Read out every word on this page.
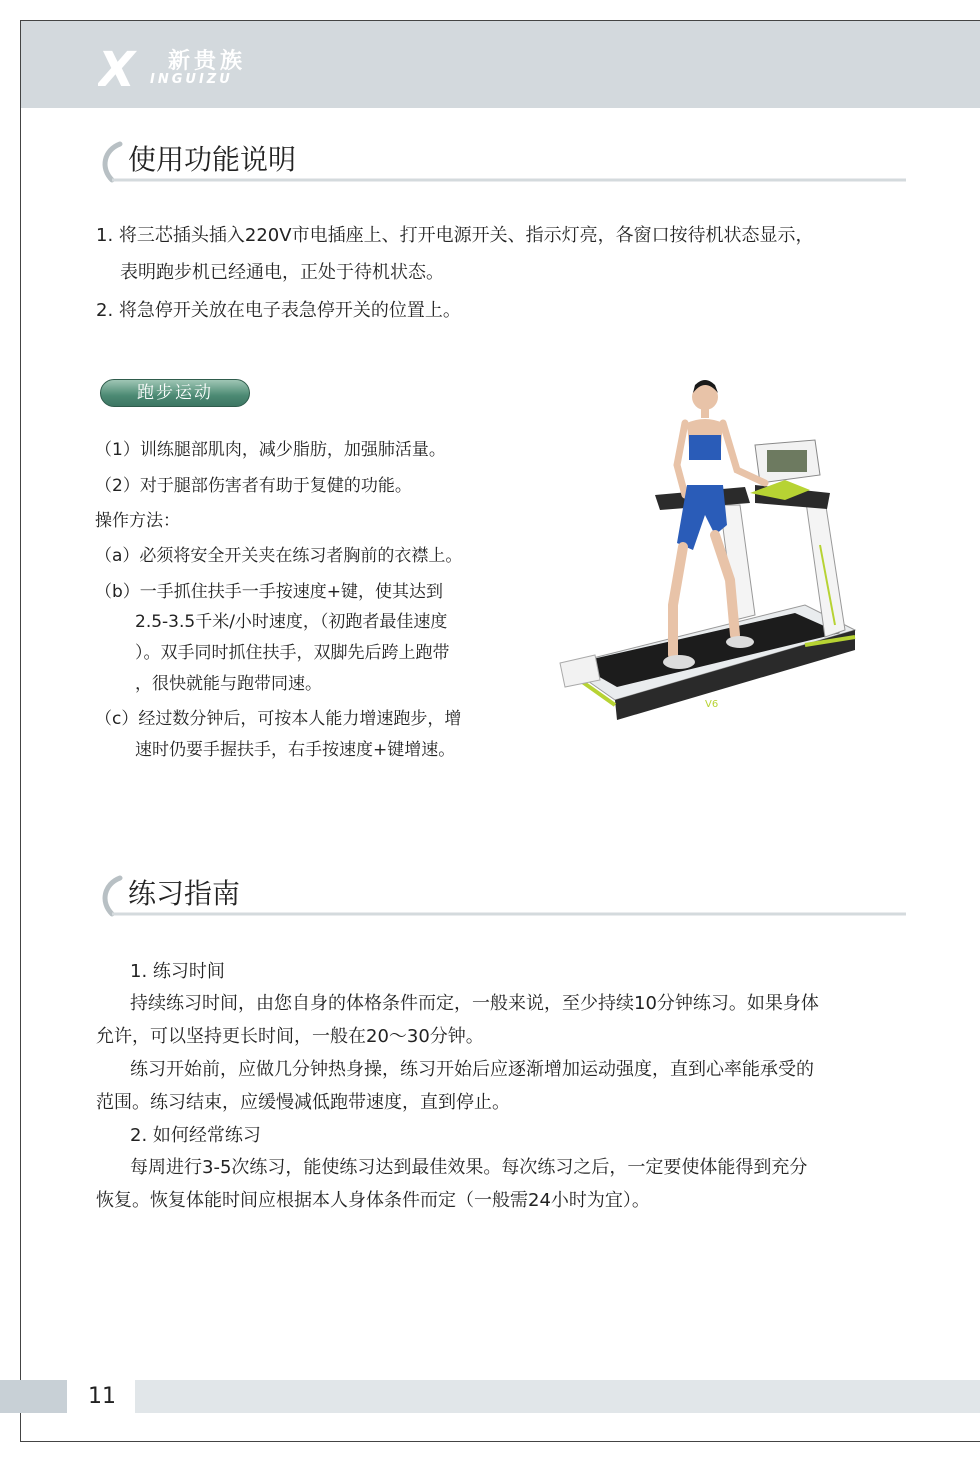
X 新贵族
INGUIZU
使用功能说明
1. 将三芯插头插入220V市电插座上、打开电源开关、指示灯亮，各窗口按待机状态显示，
表明跑步机已经通电，正处于待机状态。
2. 将急停开关放在电子表急停开关的位置上。
跑步运动
（1）训练腿部肌肉，减少脂肪，加强肺活量。
（2）对于腿部伤害者有助于复健的功能。
操作方法：
（a）必须将安全开关夹在练习者胸前的衣襟上。
（b）一手抓住扶手一手按速度+键，使其达到
2.5-3.5千米/小时速度，（初跑者最佳速度
）。双手同时抓住扶手，双脚先后跨上跑带
，很快就能与跑带同速。
（c）经过数分钟后，可按本人能力增速跑步，增
速时仍要手握扶手，右手按速度+键增速。
V6
练习指南
1. 练习时间
持续练习时间，由您自身的体格条件而定，一般来说，至少持续10分钟练习。如果身体
允许，可以坚持更长时间，一般在20～30分钟。
练习开始前，应做几分钟热身操，练习开始后应逐渐增加运动强度，直到心率能承受的
范围。练习结束，应缓慢减低跑带速度，直到停止。
2. 如何经常练习
每周进行3-5次练习，能使练习达到最佳效果。每次练习之后，一定要使体能得到充分
恢复。恢复体能时间应根据本人身体条件而定（一般需24小时为宜）。
11
